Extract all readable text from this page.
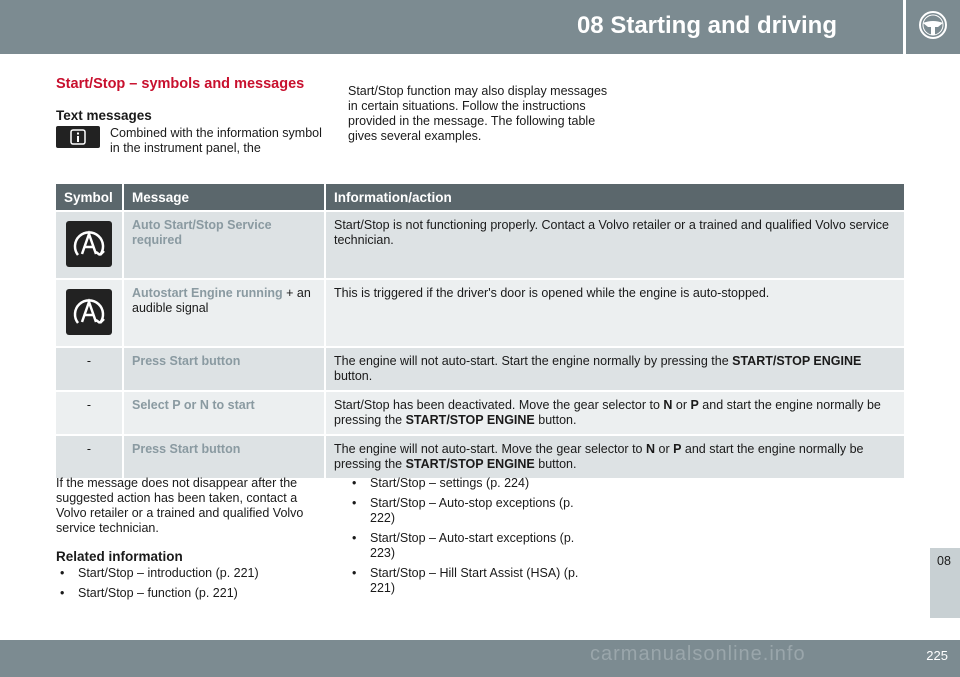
08 Starting and driving
Start/Stop – symbols and messages
Text messages
Combined with the information symbol in the instrument panel, the
Start/Stop function may also display messages in certain situations. Follow the instructions provided in the message. The following table gives several examples.
Symbol	Message	Information/action

	Auto Start/Stop Service required	Start/Stop is not functioning properly. Contact a Volvo retailer or a trained and qualified Volvo service technician.

	Autostart Engine running + an audible signal	This is triggered if the driver's door is opened while the engine is auto-stopped.
-	Press Start button	The engine will not auto-start. Start the engine normally by pressing the START/STOP ENGINE button.
-	Select P or N to start	Start/Stop has been deactivated. Move the gear selector to N or P and start the engine normally be pressing the START/STOP ENGINE button.
-	Press Start button	The engine will not auto-start. Move the gear selector to N or P and start the engine normally be pressing the START/STOP ENGINE button.
If the message does not disappear after the suggested action has been taken, contact a Volvo retailer or a trained and qualified Volvo service technician.
Related information
• Start/Stop – introduction (p. 221)
• Start/Stop – function (p. 221)
• Start/Stop – settings (p. 224)
• Start/Stop – Auto-stop exceptions (p. 222)
• Start/Stop – Auto-start exceptions (p. 223)
• Start/Stop – Hill Start Assist (HSA) (p. 221)
08
225
carmanualsonline.info
